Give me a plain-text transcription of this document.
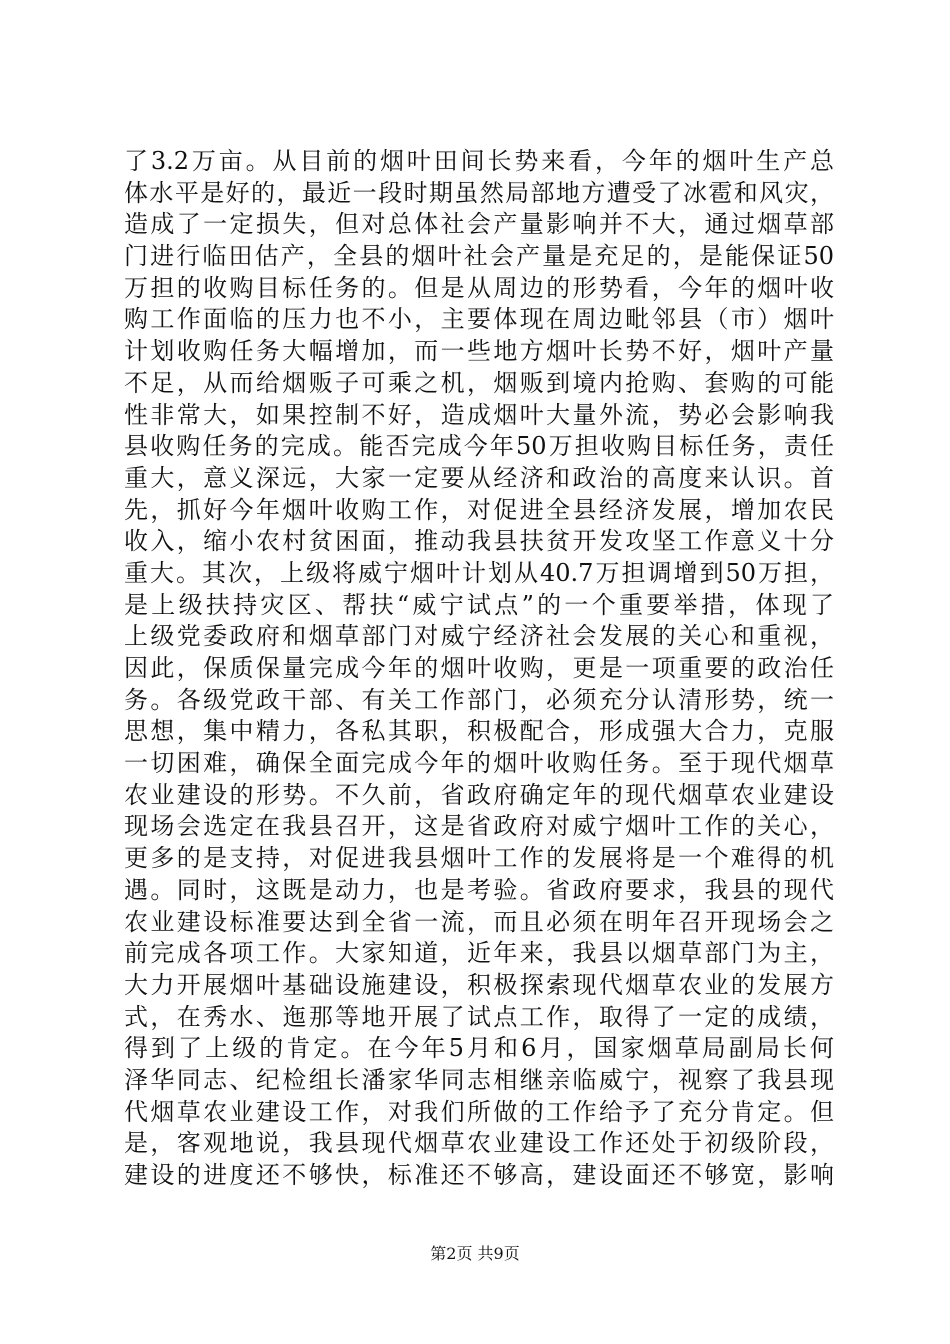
了3.2万亩。从目前的烟叶田间长势来看，今年的烟叶生产总
体水平是好的，最近一段时期虽然局部地方遭受了冰雹和风灾，
造成了一定损失，但对总体社会产量影响并不大，通过烟草部
门进行临田估产，全县的烟叶社会产量是充足的，是能保证50
万担的收购目标任务的。但是从周边的形势看，今年的烟叶收
购工作面临的压力也不小，主要体现在周边毗邻县（市）烟叶
计划收购任务大幅增加，而一些地方烟叶长势不好，烟叶产量
不足，从而给烟贩子可乘之机，烟贩到境内抢购、套购的可能
性非常大，如果控制不好，造成烟叶大量外流，势必会影响我
县收购任务的完成。能否完成今年50万担收购目标任务，责任
重大，意义深远，大家一定要从经济和政治的高度来认识。首
先，抓好今年烟叶收购工作，对促进全县经济发展，增加农民
收入，缩小农村贫困面，推动我县扶贫开发攻坚工作意义十分
重大。其次，上级将威宁烟叶计划从40.7万担调增到50万担，
是上级扶持灾区、帮扶“威宁试点”的一个重要举措，体现了
上级党委政府和烟草部门对威宁经济社会发展的关心和重视，
因此，保质保量完成今年的烟叶收购，更是一项重要的政治任
务。各级党政干部、有关工作部门，必须充分认清形势，统一
思想，集中精力，各私其职，积极配合，形成强大合力，克服
一切困难，确保全面完成今年的烟叶收购任务。至于现代烟草
农业建设的形势。不久前，省政府确定年的现代烟草农业建设
现场会选定在我县召开，这是省政府对威宁烟叶工作的关心，
更多的是支持，对促进我县烟叶工作的发展将是一个难得的机
遇。同时，这既是动力，也是考验。省政府要求，我县的现代
农业建设标准要达到全省一流，而且必须在明年召开现场会之
前完成各项工作。大家知道，近年来，我县以烟草部门为主，
大力开展烟叶基础设施建设，积极探索现代烟草农业的发展方
式，在秀水、迤那等地开展了试点工作，取得了一定的成绩，
得到了上级的肯定。在今年5月和6月，国家烟草局副局长何
泽华同志、纪检组长潘家华同志相继亲临威宁，视察了我县现
代烟草农业建设工作，对我们所做的工作给予了充分肯定。但
是，客观地说，我县现代烟草农业建设工作还处于初级阶段，
建设的进度还不够快，标准还不够高，建设面还不够宽，影响
第2页 共9页
